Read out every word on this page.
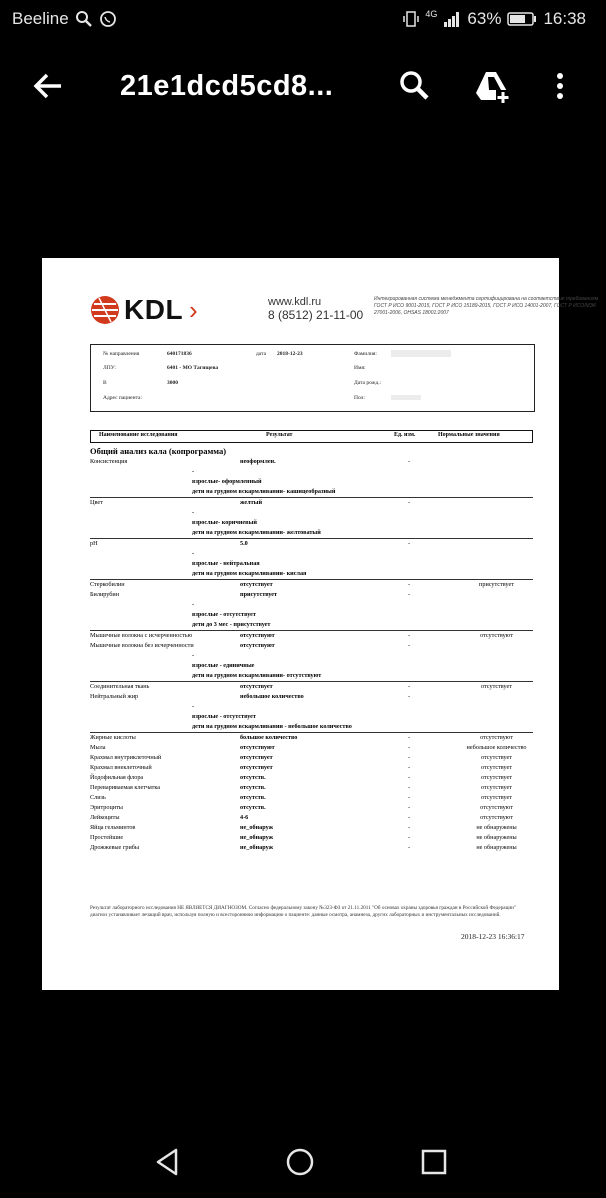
Beeline	4G 63% 16:38
21e1dcd5cd8...
KDL ›	www.kdl.ru
8 (8512) 21-11-00
Интегрированная система менеджмента сертифицирована на соответствие требованиям ГОСТ Р ИСО 9001-2015, ГОСТ Р ИСО 15189-2015, ГОСТ Р ИСО 14001-2007, ГОСТ Р ИСО/МЭК 27001-2006, OHSAS 18001:2007
№ направления	640171836	дата 2018-12-23	Фамилия:
ЛПУ:	6401 - МО Тагищева	Имя:
В	3000	Дата рожд.:
Адрес пациента:	Пол:
Наименование исследования	Результат	Ед. изм.	Нормальные значения
Общий анализ кала (копрограмма)
Консистенция	неоформлен.	-
-
взрослые- оформленный
дети на грудном вскармливании- кашицеобразный
Цвет	желтый	-
-
взрослые- коричневый
дети на грудном вскармливании- желтоватый
pH	5.0	-
-
взрослые - нейтральная
дети на грудном вскармливании- кислая
Стеркобилин	отсутствует	-	присутствует
Билирубин	присутствует	-
-
взрослые - отсутствует
дети до 3 мес - присутствует
Мышечные волокна с исчерченностью	отсутствуют	-	отсутствуют
Мышечные волокна без исчерченности	отсутствуют	-
-
взрослые - единичные
дети на грудном вскармливании- отсутствуют
Соединительная ткань	отсутствует	-	отсутствует
Нейтральный жир	небольшое количество	-
-
взрослые - отсутствует
дети на грудном вскармливании - небольшое количество
Жирные кислоты	большое количество	-	отсутствуют
Мыла	отсутствуют	-	небольшое количество
Крахмал внутриклеточный	отсутствует	-	отсутствует
Крахмал внеклеточный	отсутствует	-	отсутствует
Йодофильная флора	отсутств.	-	отсутствует
Перевариваемая клетчатка	отсутств.	-	отсутствует
Слизь	отсутств.	-	отсутствует
Эритроциты	отсутств.	-	отсутствуют
Лейкоциты	4-6	-	отсутствуют
Яйца гельминтов	не_обнаруж	-	не обнаружены
Простейшие	не_обнаруж	-	не обнаружены
Дрожжевые грибы	не_обнаруж	-	не обнаружены
Результат лабораторного исследования НЕ ЯВЛЯЕТСЯ ДИАГНОЗОМ. Согласно федеральному закону №323-ФЗ от 21.11.2011 "Об основах охраны здоровья граждан в Российской Федерации" диагноз устанавливает лечащий врач, используя полную и всестороннюю информацию о пациенте: данные осмотра, анамнеза, других лабораторных и инструментальных исследований.
2018-12-23 16:36:17
